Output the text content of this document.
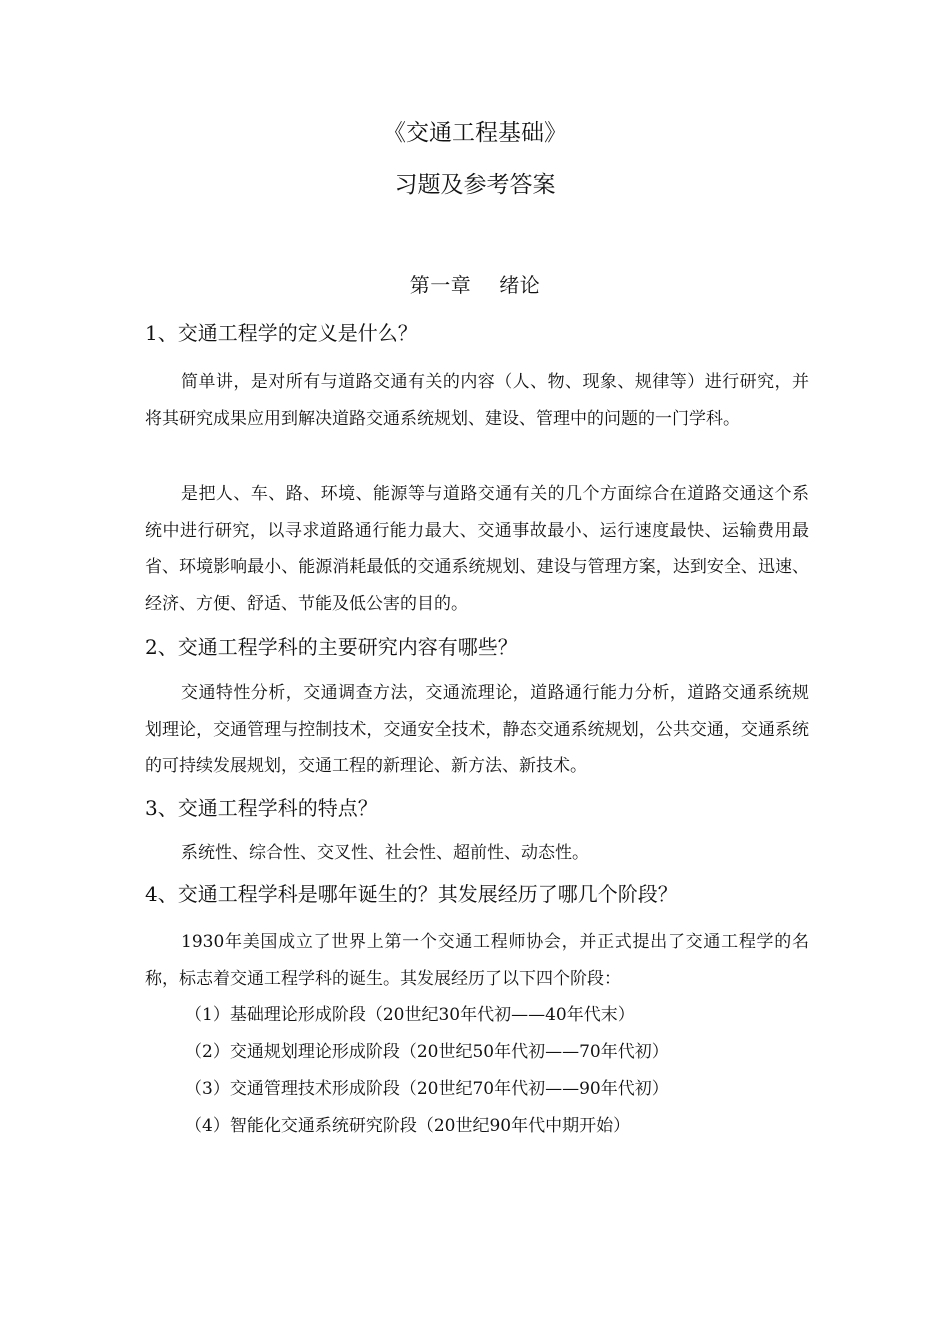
《交通工程基础》
习题及参考答案
第一章 绪论
1、交通工程学的定义是什么？
简单讲，是对所有与道路交通有关的内容（人、物、现象、规律等）进行研究，并将其研究成果应用到解决道路交通系统规划、建设、管理中的问题的一门学科。
是把人、车、路、环境、能源等与道路交通有关的几个方面综合在道路交通这个系统中进行研究，以寻求道路通行能力最大、交通事故最小、运行速度最快、运输费用最省、环境影响最小、能源消耗最低的交通系统规划、建设与管理方案，达到安全、迅速、经济、方便、舒适、节能及低公害的目的。
2、交通工程学科的主要研究内容有哪些？
交通特性分析，交通调查方法，交通流理论，道路通行能力分析，道路交通系统规划理论，交通管理与控制技术，交通安全技术，静态交通系统规划，公共交通，交通系统的可持续发展规划，交通工程的新理论、新方法、新技术。
3、交通工程学科的特点？
系统性、综合性、交叉性、社会性、超前性、动态性。
4、交通工程学科是哪年诞生的？其发展经历了哪几个阶段？
1930年美国成立了世界上第一个交通工程师协会，并正式提出了交通工程学的名称，标志着交通工程学科的诞生。其发展经历了以下四个阶段：
（1）基础理论形成阶段（20世纪30年代初——40年代末）
（2）交通规划理论形成阶段（20世纪50年代初——70年代初）
（3）交通管理技术形成阶段（20世纪70年代初——90年代初）
（4）智能化交通系统研究阶段（20世纪90年代中期开始）
